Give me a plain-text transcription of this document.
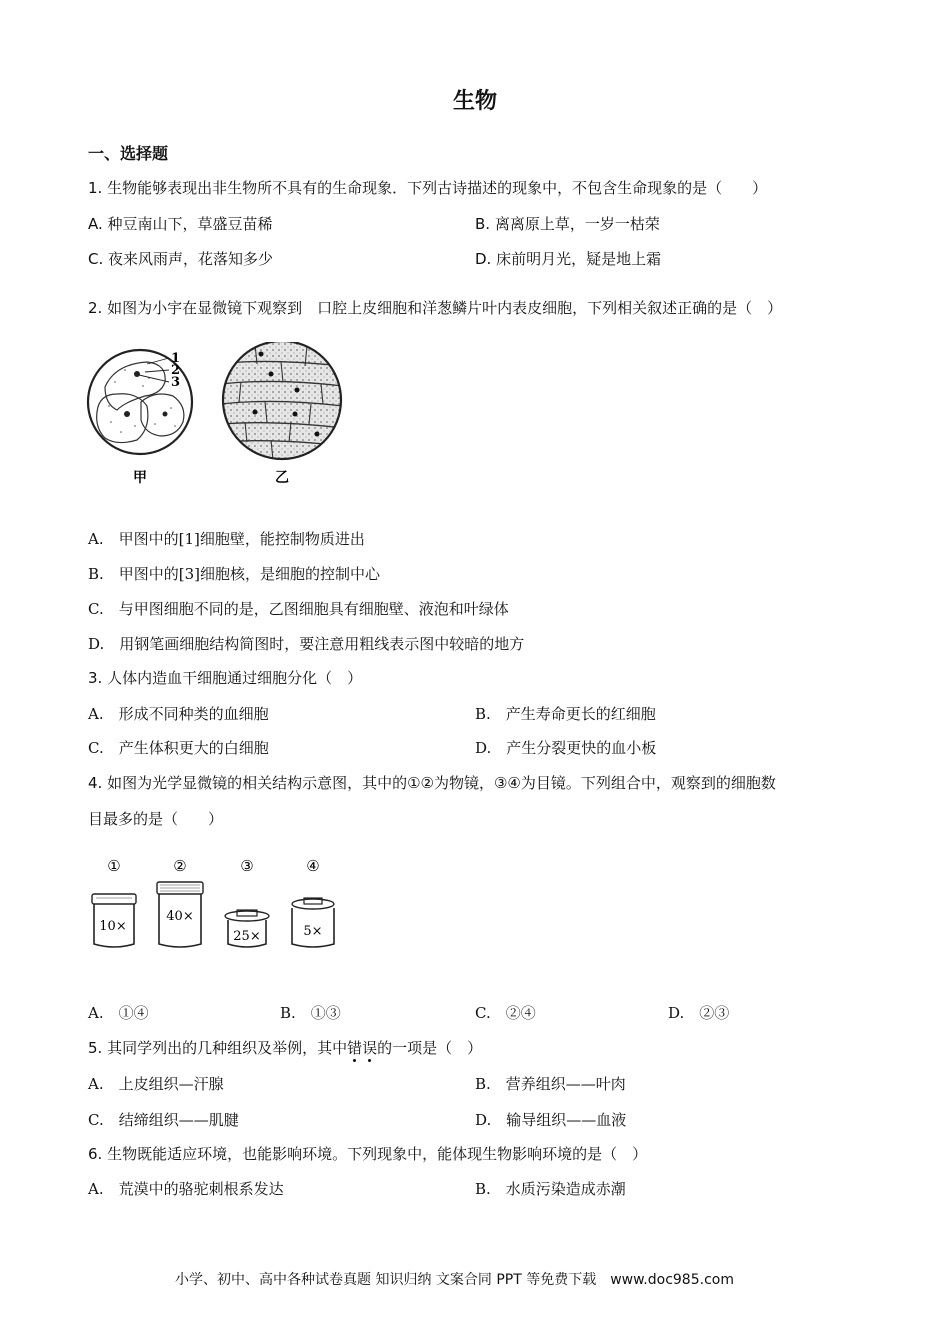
生物
一、选择题
1. 生物能够表现出非生物所不具有的生命现象．下列古诗描述的现象中，不包含生命现象的是（　　）
A. 种豆南山下，草盛豆苗稀	B. 离离原上草，一岁一枯荣
C. 夜来风雨声，花落知多少	D. 床前明月光，疑是地上霜
2. 如图为小宇在显微镜下观察到　口腔上皮细胞和洋葱鳞片叶内表皮细胞，下列相关叙述正确的是（　）
1
2
3
甲	乙
A.　甲图中的[1]细胞壁，能控制物质进出
B.　甲图中的[3]细胞核，是细胞的控制中心
C.　与甲图细胞不同的是，乙图细胞具有细胞壁、液泡和叶绿体
D.　用钢笔画细胞结构简图时，要注意用粗线表示图中较暗的地方
3. 人体内造血干细胞通过细胞分化（　）
A.　形成不同种类的血细胞	B.　产生寿命更长的红细胞
C.　产生体积更大的白细胞	D.　产生分裂更快的血小板
4. 如图为光学显微镜的相关结构示意图，其中的①②为物镜，③④为目镜。下列组合中，观察到的细胞数
目最多的是（　　）
①	②	③	④
10×
40×
25×	5×
A.　①④	B.　①③	C.　②④	D.　②③
5. 其同学列出的几种组织及举例，其中错误的一项是（　）
A.　上皮组织—汗腺	B.　营养组织——叶肉
C.　结缔组织——肌腱	D.　输导组织——血液
6. 生物既能适应环境，也能影响环境。下列现象中，能体现生物影响环境的是（　）
A.　荒漠中的骆驼刺根系发达	B.　水质污染造成赤潮
小学、初中、高中各种试卷真题 知识归纳 文案合同 PPT 等免费下载　www.doc985.com
